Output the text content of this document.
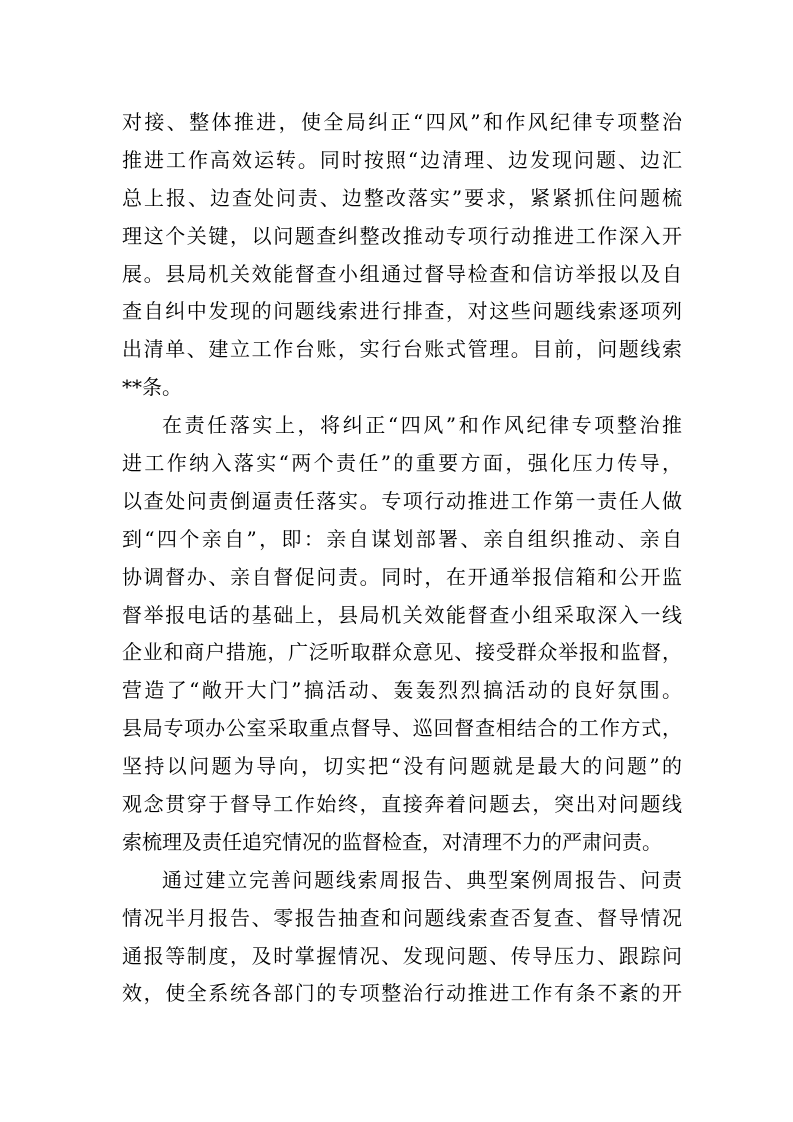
对接、整体推进，使全局纠正“四风”和作风纪律专项整治
推进工作高效运转。同时按照“边清理、边发现问题、边汇
总上报、边查处问责、边整改落实”要求，紧紧抓住问题梳
理这个关键，以问题查纠整改推动专项行动推进工作深入开
展。县局机关效能督查小组通过督导检查和信访举报以及自
查自纠中发现的问题线索进行排查，对这些问题线索逐项列
出清单、建立工作台账，实行台账式管理。目前，问题线索
**条。
在责任落实上，将纠正“四风”和作风纪律专项整治推
进工作纳入落实“两个责任”的重要方面，强化压力传导，
以查处问责倒逼责任落实。专项行动推进工作第一责任人做
到“四个亲自”，即：亲自谋划部署、亲自组织推动、亲自
协调督办、亲自督促问责。同时，在开通举报信箱和公开监
督举报电话的基础上，县局机关效能督查小组采取深入一线
企业和商户措施，广泛听取群众意见、接受群众举报和监督，
营造了“敞开大门”搞活动、轰轰烈烈搞活动的良好氛围。
县局专项办公室采取重点督导、巡回督查相结合的工作方式，
坚持以问题为导向，切实把“没有问题就是最大的问题”的
观念贯穿于督导工作始终，直接奔着问题去，突出对问题线
索梳理及责任追究情况的监督检查，对清理不力的严肃问责。
通过建立完善问题线索周报告、典型案例周报告、问责
情况半月报告、零报告抽查和问题线索查否复查、督导情况
通报等制度，及时掌握情况、发现问题、传导压力、跟踪问
效，使全系统各部门的专项整治行动推进工作有条不紊的开
